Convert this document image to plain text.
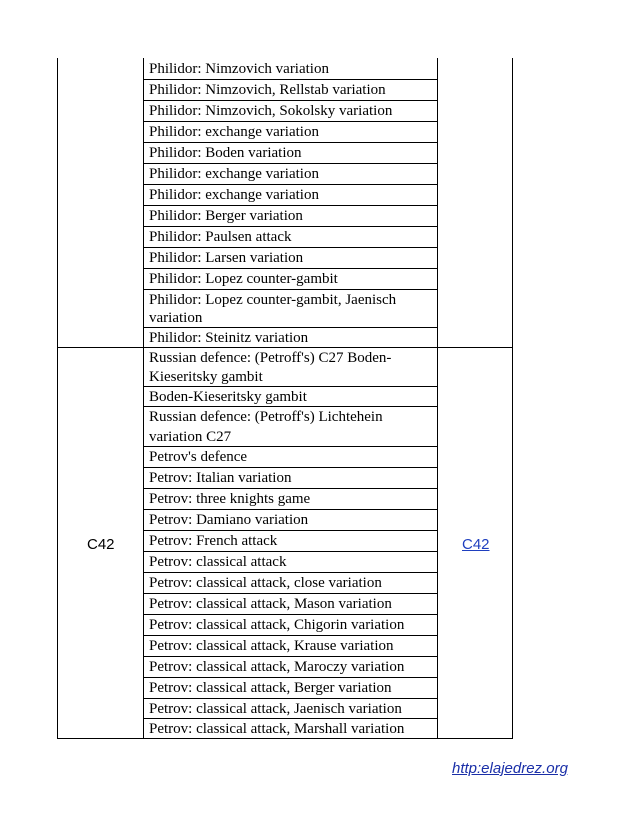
Philidor: Nimzovich variation
Philidor: Nimzovich, Rellstab variation
Philidor: Nimzovich, Sokolsky variation
Philidor: exchange variation
Philidor: Boden variation
Philidor: exchange variation
Philidor: exchange variation
Philidor: Berger variation
Philidor: Paulsen attack
Philidor: Larsen variation
Philidor: Lopez counter-gambit
Philidor: Lopez counter-gambit, Jaenisch
variation
Philidor: Steinitz variation
Russian defence: (Petroff's) C27 Boden-
Kieseritsky gambit
Boden-Kieseritsky gambit
Russian defence: (Petroff's) Lichtehein
variation C27
Petrov's defence
Petrov: Italian variation
Petrov: three knights game
Petrov: Damiano variation
Petrov: French attack
Petrov: classical attack
Petrov: classical attack, close variation
Petrov: classical attack, Mason variation
Petrov: classical attack, Chigorin variation
Petrov: classical attack, Krause variation
Petrov: classical attack, Maroczy variation
Petrov: classical attack, Berger variation
Petrov: classical attack, Jaenisch variation
Petrov: classical attack, Marshall variation
C42	C42
http:elajedrez.org
